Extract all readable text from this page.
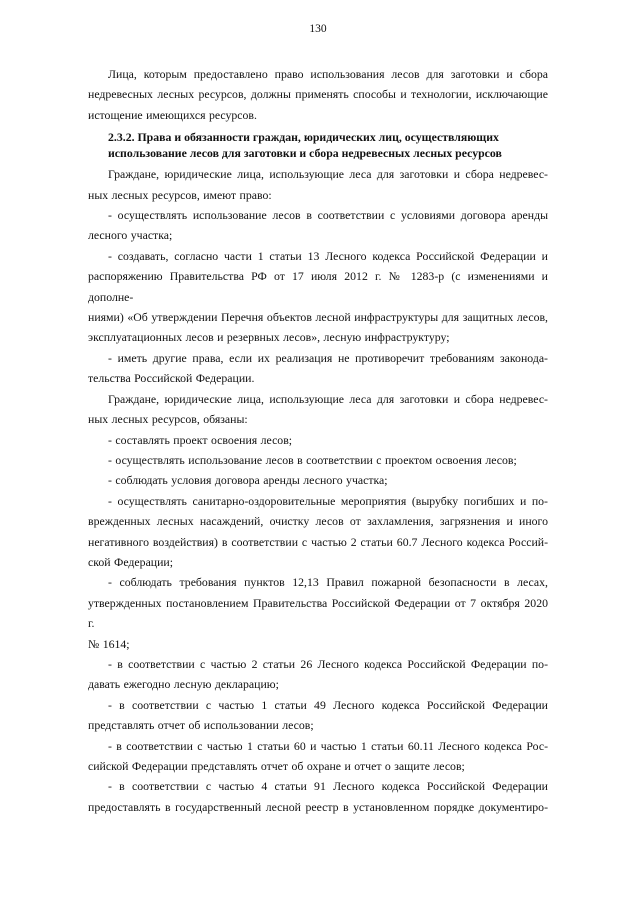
130

Лица, которым предоставлено право использования лесов для заготовки и сбора
недревесных лесных ресурсов, должны применять способы и технологии, исключающие
истощение имеющихся ресурсов.

2.3.2. Права и обязанности граждан, юридических лиц, осуществляющих
использование лесов для заготовки и сбора недревесных лесных ресурсов

Граждане, юридические лица, использующие леса для заготовки и сбора недревес-
ных лесных ресурсов, имеют право:

- осуществлять использование лесов в соответствии с условиями договора аренды
лесного участка;

- создавать, согласно части 1 статьи 13 Лесного кодекса Российской Федерации и
распоряжению Правительства РФ от 17 июля 2012 г. № 1283-р (с изменениями и дополне-
ниями) «Об утверждении Перечня объектов лесной инфраструктуры для защитных лесов,
эксплуатационных лесов и резервных лесов», лесную инфраструктуру;

- иметь другие права, если их реализация не противоречит требованиям законода-
тельства Российской Федерации.

Граждане, юридические лица, использующие леса для заготовки и сбора недревес-
ных лесных ресурсов, обязаны:

- составлять проект освоения лесов;

- осуществлять использование лесов в соответствии с проектом освоения лесов;

- соблюдать условия договора аренды лесного участка;

- осуществлять санитарно-оздоровительные мероприятия (вырубку погибших и по-
врежденных лесных насаждений, очистку лесов от захламления, загрязнения и иного
негативного воздействия) в соответствии с частью 2 статьи 60.7 Лесного кодекса Россий-
ской Федерации;

- соблюдать требования пунктов 12,13 Правил пожарной безопасности в лесах,
утвержденных постановлением Правительства Российской Федерации от 7 октября 2020 г.
№ 1614;

- в соответствии с частью 2 статьи 26 Лесного кодекса Российской Федерации по-
давать ежегодно лесную декларацию;

- в соответствии с частью 1 статьи 49 Лесного кодекса Российской Федерации
представлять отчет об использовании лесов;

- в соответствии с частью 1 статьи 60 и частью 1 статьи 60.11 Лесного кодекса Рос-
сийской Федерации представлять отчет об охране и отчет о защите лесов;

- в соответствии с частью 4 статьи 91 Лесного кодекса Российской Федерации
предоставлять в государственный лесной реестр в установленном порядке документиро-
